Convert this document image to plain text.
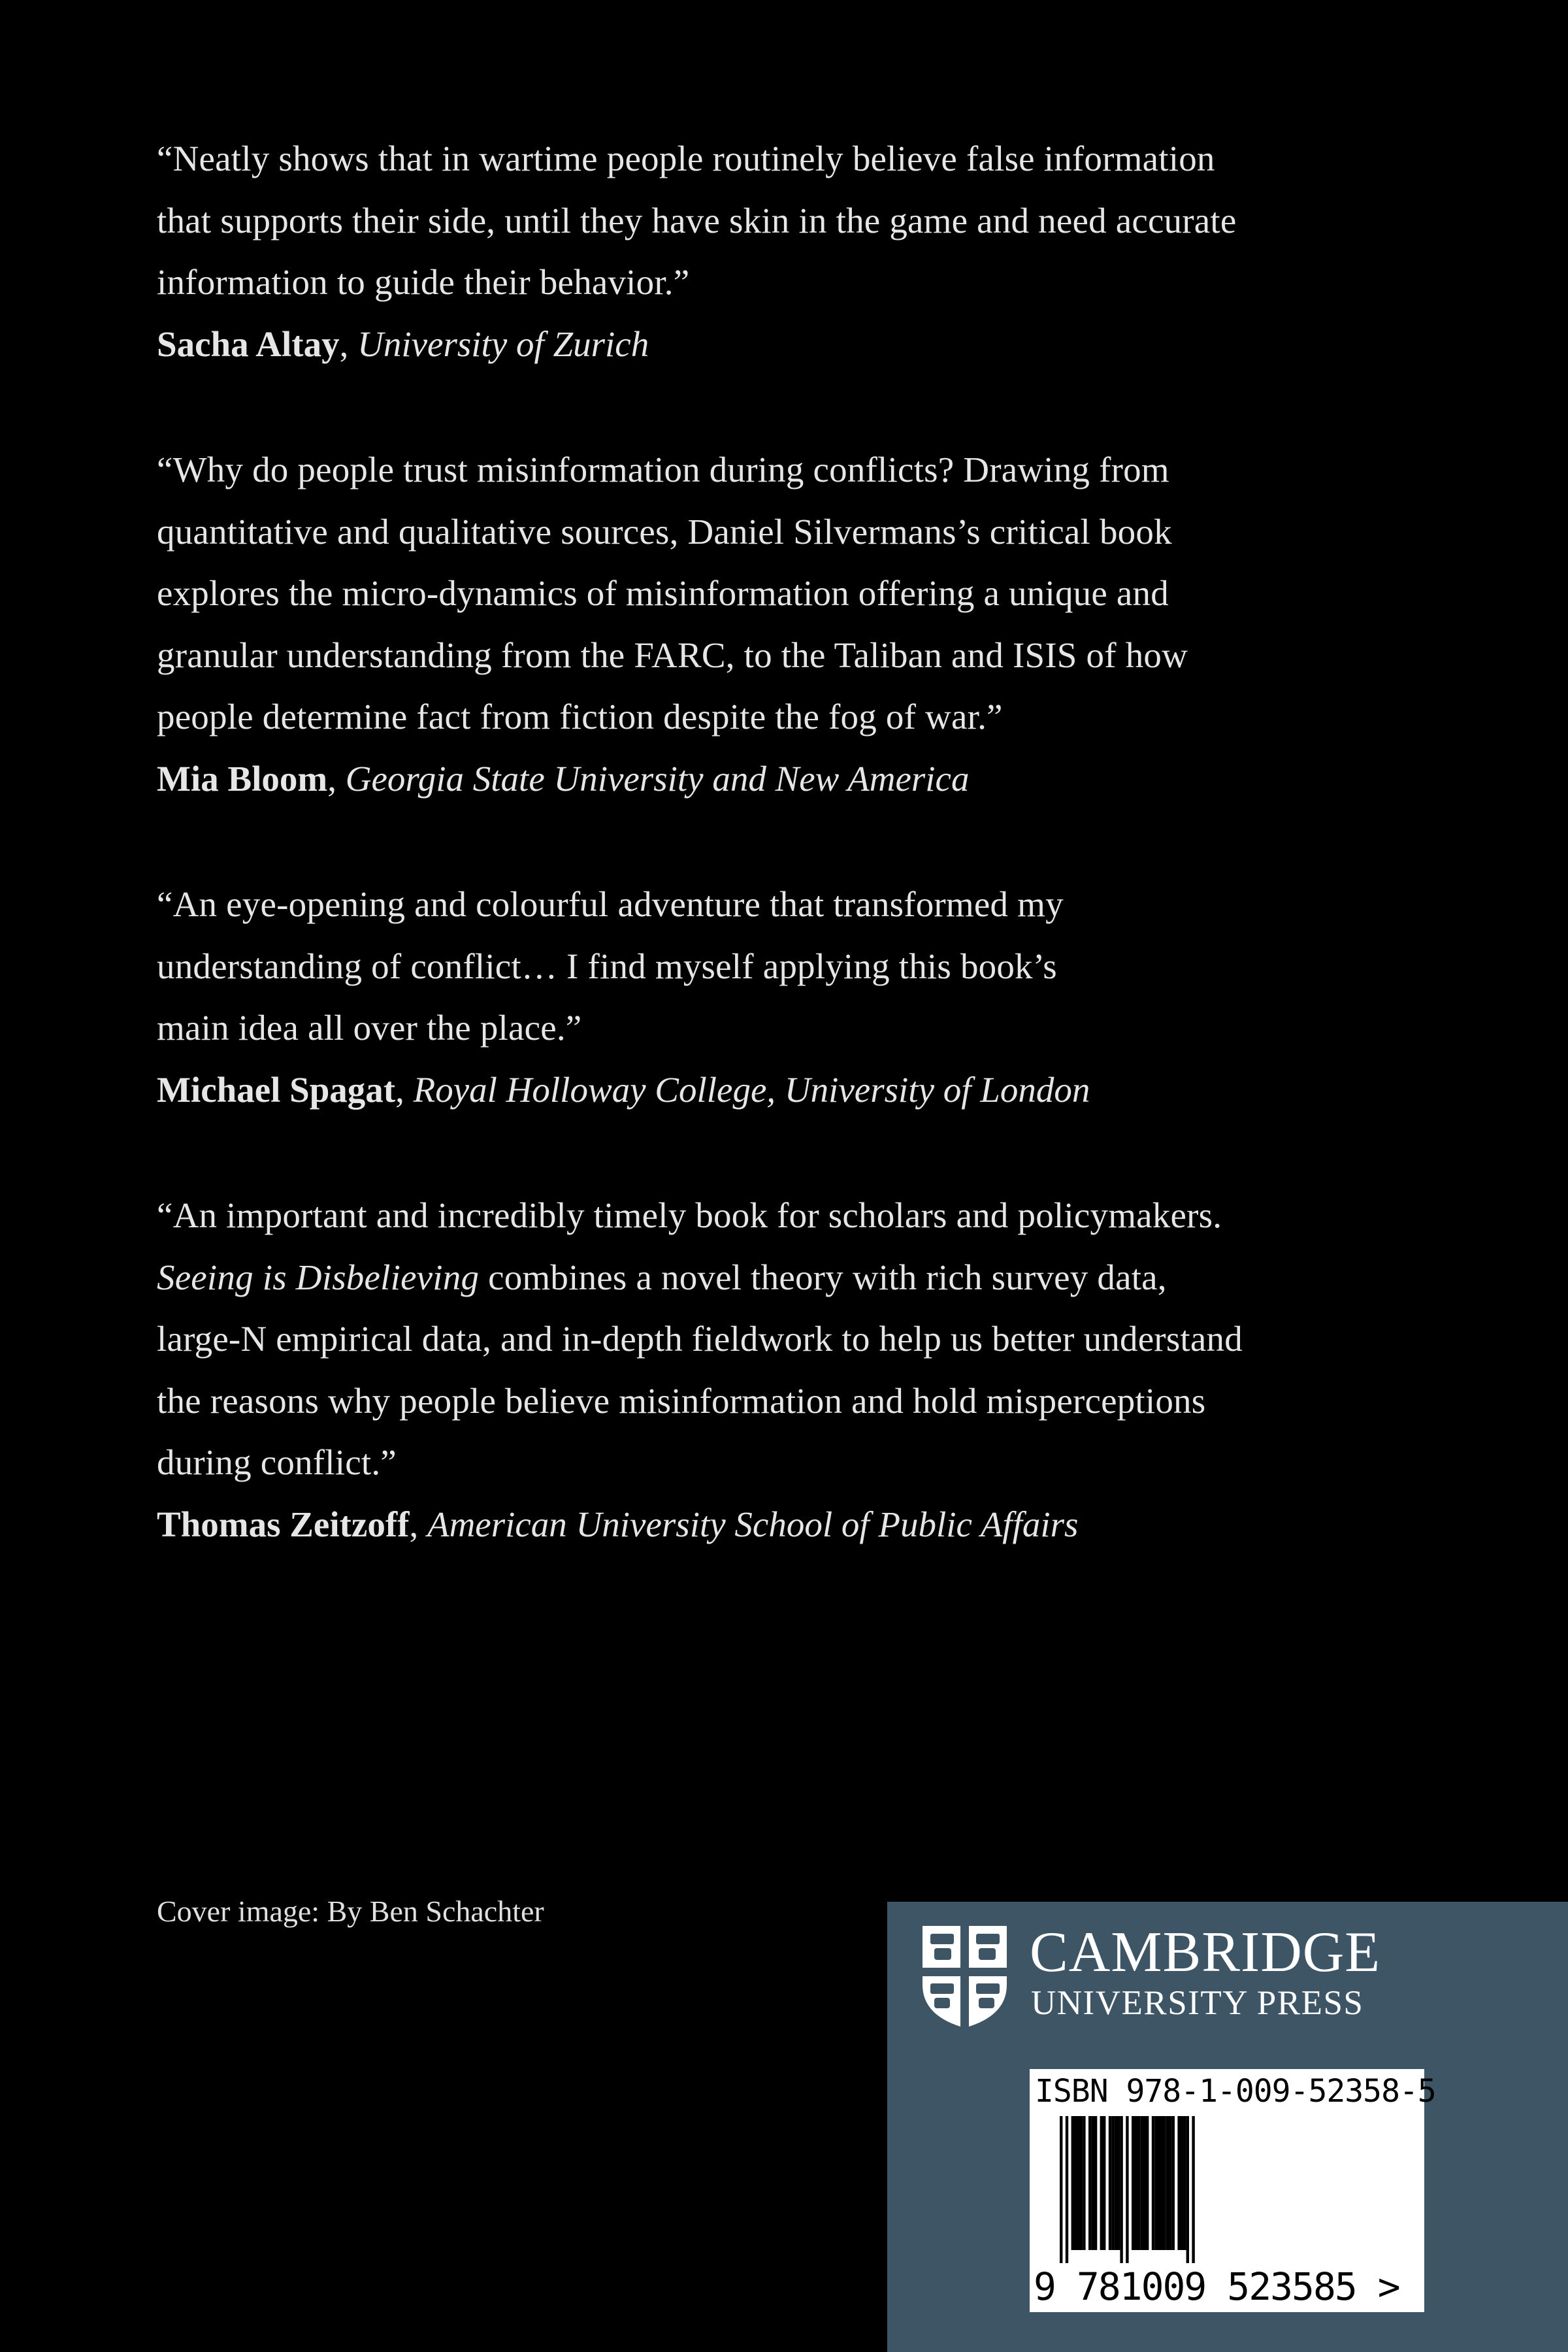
“Neatly shows that in wartime people routinely believe false information
that supports their side, until they have skin in the game and need accurate
information to guide their behavior.”

Sacha Altay, University of Zurich

“Why do people trust misinformation during conflicts? Drawing from
quantitative and qualitative sources, Daniel Silvermans’s critical book
explores the micro-dynamics of misinformation offering a unique and
granular understanding from the FARC, to the Taliban and ISIS of how
people determine fact from fiction despite the fog of war.”

Mia Bloom, Georgia State University and New America

“An eye-opening and colourful adventure that transformed my
understanding of conflict… I find myself applying this book’s
main idea all over the place.”

Michael Spagat, Royal Holloway College, University of London

“An important and incredibly timely book for scholars and policymakers.
Seeing is Disbelieving combines a novel theory with rich survey data,
large-N empirical data, and in-depth fieldwork to help us better understand
the reasons why people believe misinformation and hold misperceptions
during conflict.”

Thomas Zeitzoff, American University School of Public Affairs

Cover image: By Ben Schachter
CAMBRIDGE
UNIVERSITY PRESS
ISBN 978-1-009-52358-5
9 781009 523585 >
